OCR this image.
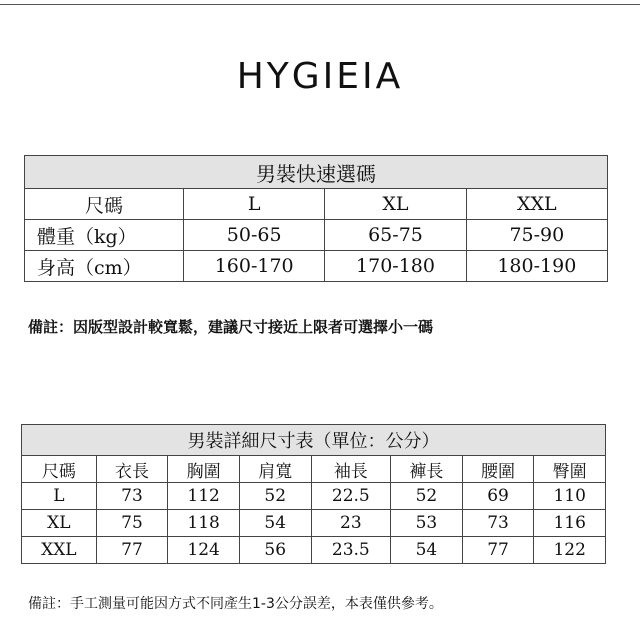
HYGIEIA
男裝快速選碼			
尺碼	L	XL	XXL
體重（kg）	50-65	65-75	75-90
身高（cm）	160-170	170-180	180-190
備註：因版型設計較寬鬆，建議尺寸接近上限者可選擇小一碼
男裝詳細尺寸表（單位：公分）							
尺碼	衣長	胸圍	肩寬	袖長	褲長	腰圍	臀圍
L	73	112	52	22.5	52	69	110
XL	75	118	54	23	53	73	116
XXL	77	124	56	23.5	54	77	122
備註：手工測量可能因方式不同產生1-3公分誤差，本表僅供參考。
